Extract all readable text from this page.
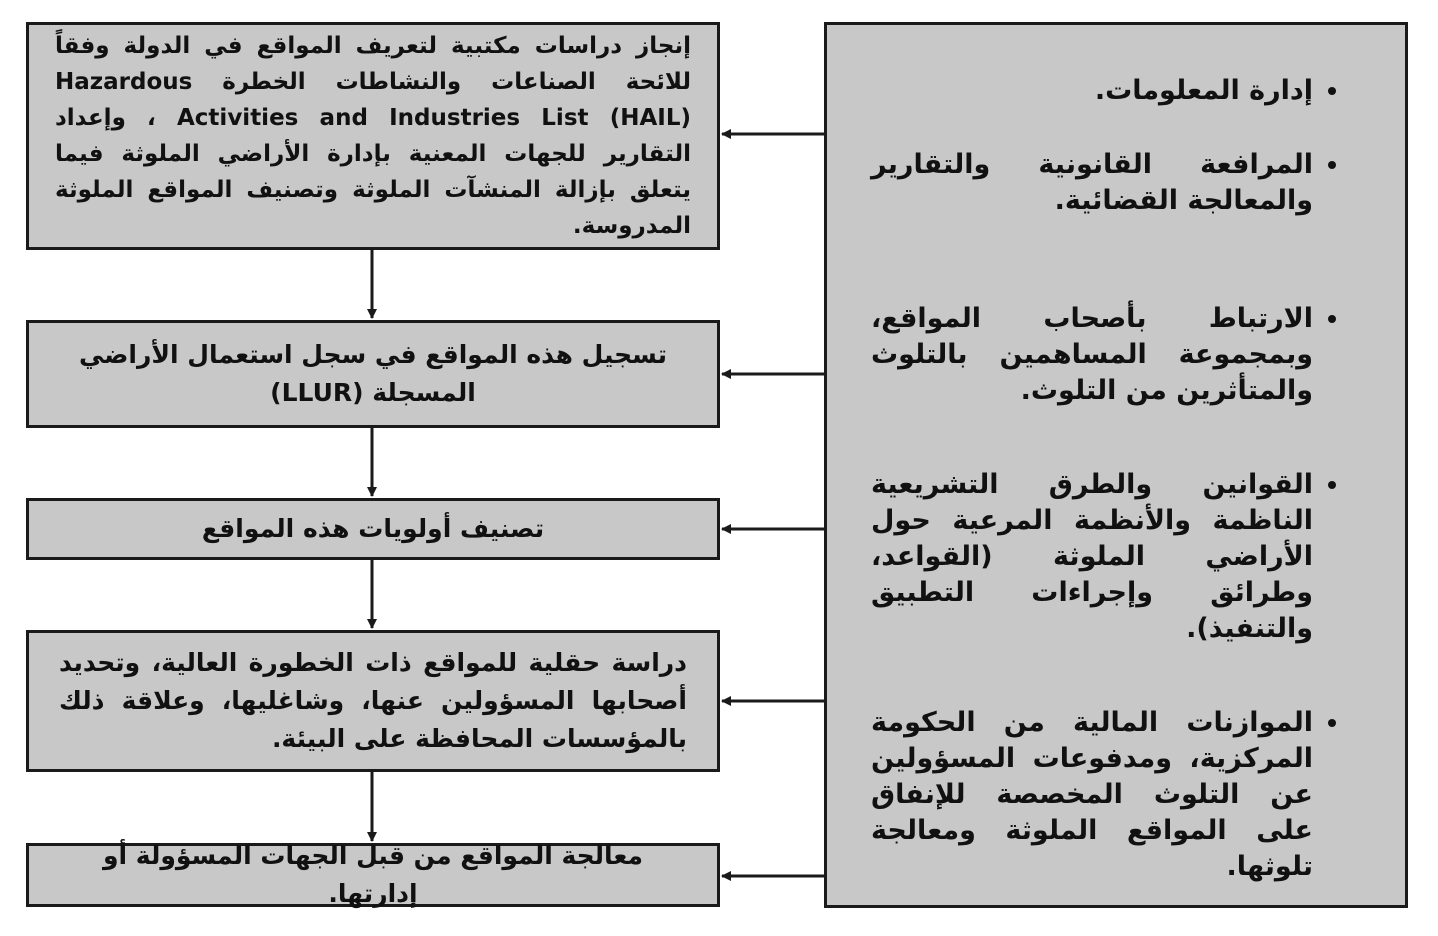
إنجاز دراسات مكتبية لتعريف المواقع في الدولة وفقاً للائحة الصناعات والنشاطات الخطرة Hazardous Activities and Industries List (HAIL) ، وإعداد التقارير للجهات المعنية بإدارة الأراضي الملوثة فيما يتعلق بإزالة المنشآت الملوثة وتصنيف المواقع الملوثة المدروسة.
تسجيل هذه المواقع في سجل استعمال الأراضي المسجلة (LLUR)
تصنيف أولويات هذه المواقع
دراسة حقلية للمواقع ذات الخطورة العالية، وتحديد أصحابها المسؤولين عنها، وشاغليها، وعلاقة ذلك بالمؤسسات المحافظة على البيئة.
معالجة المواقع من قبل الجهات المسؤولة أو إدارتها.
• إدارة المعلومات.
• المرافعة القانونية والتقارير والمعالجة القضائية.
• الارتباط بأصحاب المواقع، وبمجموعة المساهمين بالتلوث والمتأثرين من التلوث.
• القوانين والطرق التشريعية الناظمة والأنظمة المرعية حول الأراضي الملوثة (القواعد، وطرائق وإجراءات التطبيق والتنفيذ).
• الموازنات المالية من الحكومة المركزية، ومدفوعات المسؤولين عن التلوث المخصصة للإنفاق على المواقع الملوثة ومعالجة تلوثها.
